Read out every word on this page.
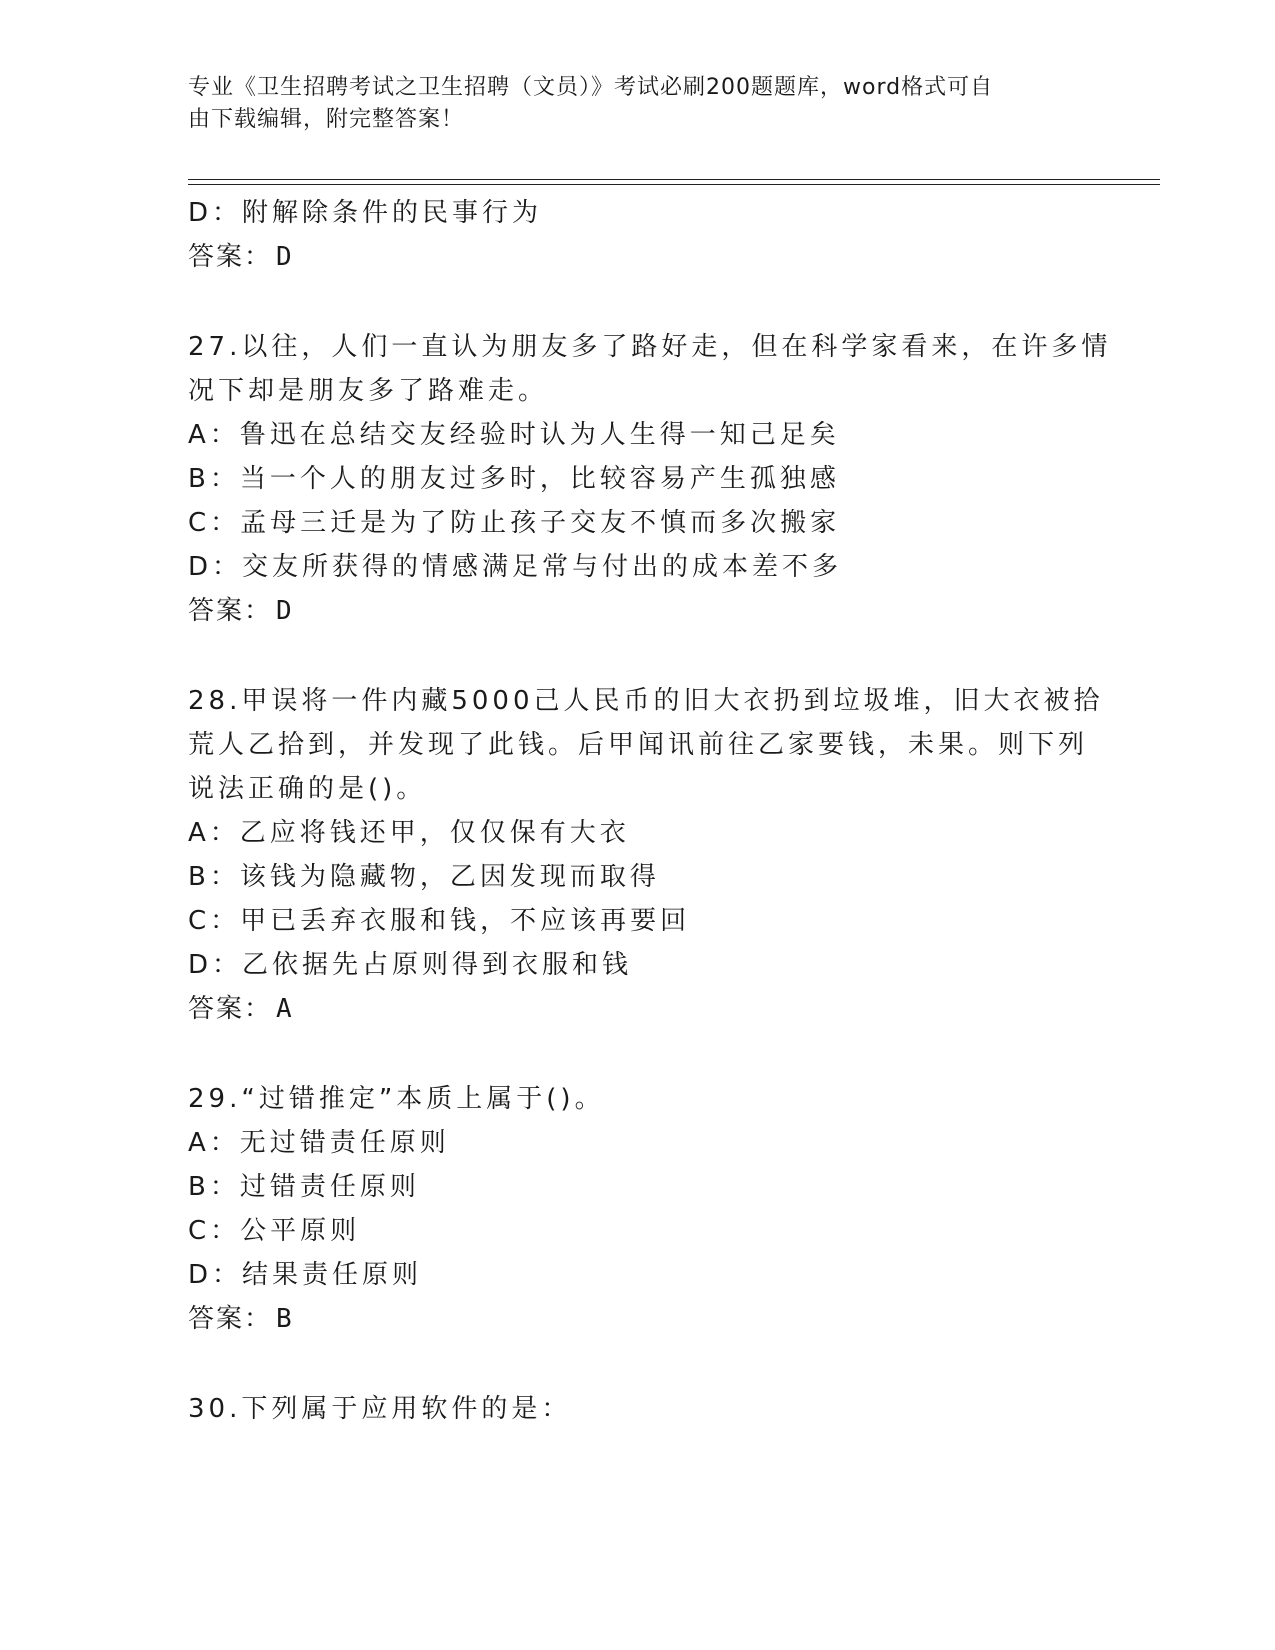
专业《卫生招聘考试之卫生招聘（文员）》考试必刷200题题库，word格式可自
由下载编辑，附完整答案！
D：附解除条件的民事行为
答案： D
27.以往，人们一直认为朋友多了路好走，但在科学家看来，在许多情
况下却是朋友多了路难走。
A：鲁迅在总结交友经验时认为人生得一知己足矣
B：当一个人的朋友过多时，比较容易产生孤独感
C：孟母三迁是为了防止孩子交友不慎而多次搬家
D：交友所获得的情感满足常与付出的成本差不多
答案： D
28.甲误将一件内藏5000己人民币的旧大衣扔到垃圾堆，旧大衣被拾
荒人乙拾到，并发现了此钱。后甲闻讯前往乙家要钱，未果。则下列
说法正确的是()。
A：乙应将钱还甲，仅仅保有大衣
B：该钱为隐藏物，乙因发现而取得
C：甲已丢弃衣服和钱，不应该再要回
D：乙依据先占原则得到衣服和钱
答案： A
29.“过错推定”本质上属于()。
A：无过错责任原则
B：过错责任原则
C：公平原则
D：结果责任原则
答案： B
30.下列属于应用软件的是：
